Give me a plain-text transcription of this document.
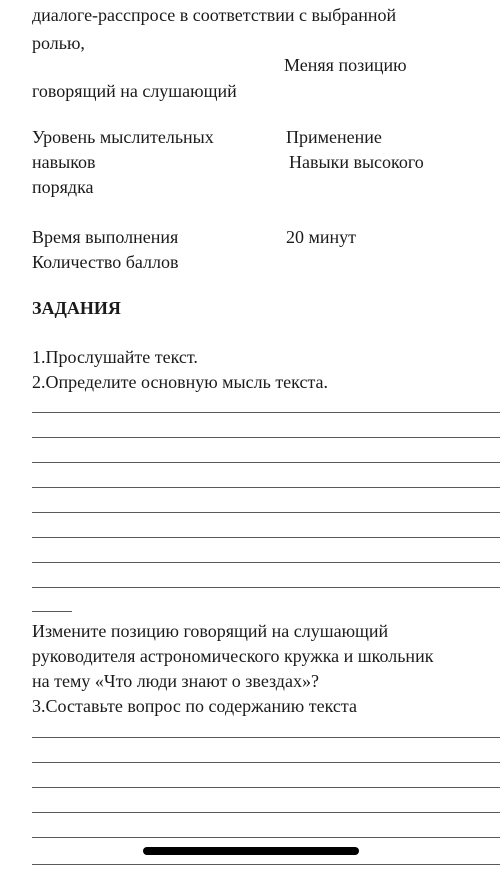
диалоге-расспросе в соответствии с выбранной
ролью,
Меняя позицию
говорящий на слушающий
Уровень мыслительных	Применение
навыков	Навыки высокого
порядка
Время выполнения	20 минут
Количество баллов
ЗАДАНИЯ
1.Прослушайте текст.
2.Определите основную мысль текста.
Измените позицию говорящий на слушающий
руководителя астрономического кружка и школьник
на тему «Что люди знают о звездах»?
3.Составьте вопрос по содержанию текста
